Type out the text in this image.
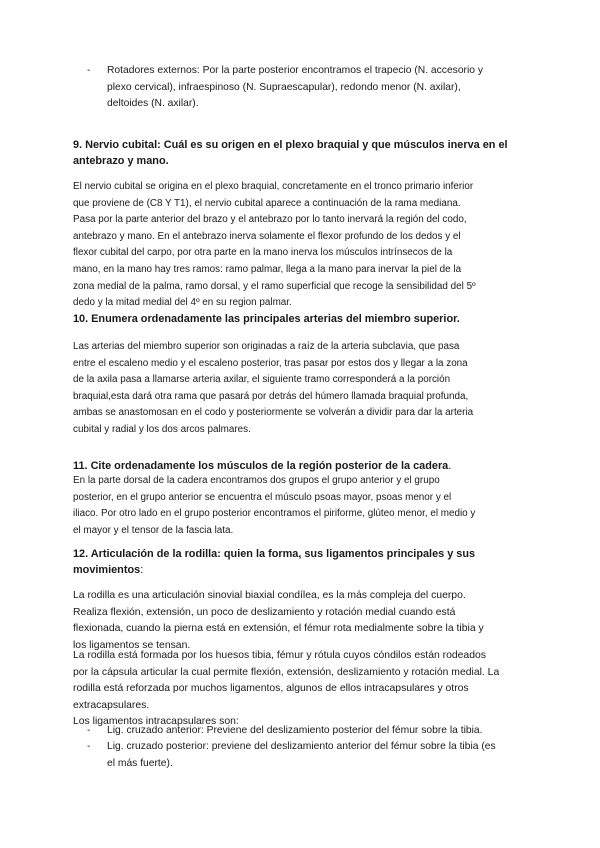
- Rotadores externos: Por la parte posterior encontramos el trapecio (N. accesorio y
plexo cervical), infraespinoso (N. Supraescapular), redondo menor (N. axilar),
deltoides (N. axilar).
9. Nervio cubital: Cuál es su origen en el plexo braquial y que músculos inerva en el
antebrazo y mano.

El nervio cubital se origina en el plexo braquial, concretamente en el tronco primario inferior
que proviene de (C8 Y T1), el nervio cubital aparece a continuación de la rama mediana.
Pasa por la parte anterior del brazo y el antebrazo por lo tanto inervará la región del codo,
antebrazo y mano. En el antebrazo inerva solamente el flexor profundo de los dedos y el
flexor cubital del carpo, por otra parte en la mano inerva los músculos intrínsecos de la
mano, en la mano hay tres ramos: ramo palmar, llega a la mano para inervar la piel de la
zona medial de la palma, ramo dorsal, y el ramo superficial que recoge la sensibilidad del 5º
dedo y la mitad medial del 4º en su region palmar.

10. Enumera ordenadamente las principales arterias del miembro superior.

Las arterias del miembro superior son originadas a raíz de la arteria subclavia, que pasa
entre el escaleno medio y el escaleno posterior, tras pasar por estos dos y llegar a la zona
de la axila pasa a llamarse arteria axilar, el siguiente tramo corresponderá a la porción
braquial,esta dará otra rama que pasará por detrás del húmero llamada braquial profunda,
ambas se anastomosan en el codo y posteriormente se volverán a dividir para dar la arteria
cubital y radial y los dos arcos palmares.

11. Cite ordenadamente los músculos de la región posterior de la cadera.

En la parte dorsal de la cadera encontramos dos grupos el grupo anterior y el grupo
posterior, en el grupo anterior se encuentra el músculo psoas mayor, psoas menor y el
iliaco. Por otro lado en el grupo posterior encontramos el piriforme, glúteo menor, el medio y
el mayor y el tensor de la fascia lata.

12. Articulación de la rodilla: quien la forma, sus ligamentos principales y sus
movimientos:

La rodilla es una articulación sinovial biaxial condílea, es la más compleja del cuerpo.
Realiza flexión, extensión, un poco de deslizamiento y rotación medial cuando está
flexionada, cuando la pierna está en extensión, el fémur rota medialmente sobre la tibia y
los ligamentos se tensan.

La rodilla está formada por los huesos tibia, fémur y rótula cuyos cóndilos están rodeados
por la cápsula articular la cual permite flexión, extensión, deslizamiento y rotación medial. La
rodilla está reforzada por muchos ligamentos, algunos de ellos intracapsulares y otros
extracapsulares.
Los ligamentos intracapsulares son:

- Lig. cruzado anterior: Previene del deslizamiento posterior del fémur sobre la tibia.
- Lig. cruzado posterior: previene del deslizamiento anterior del fémur sobre la tibia (es
el más fuerte).
